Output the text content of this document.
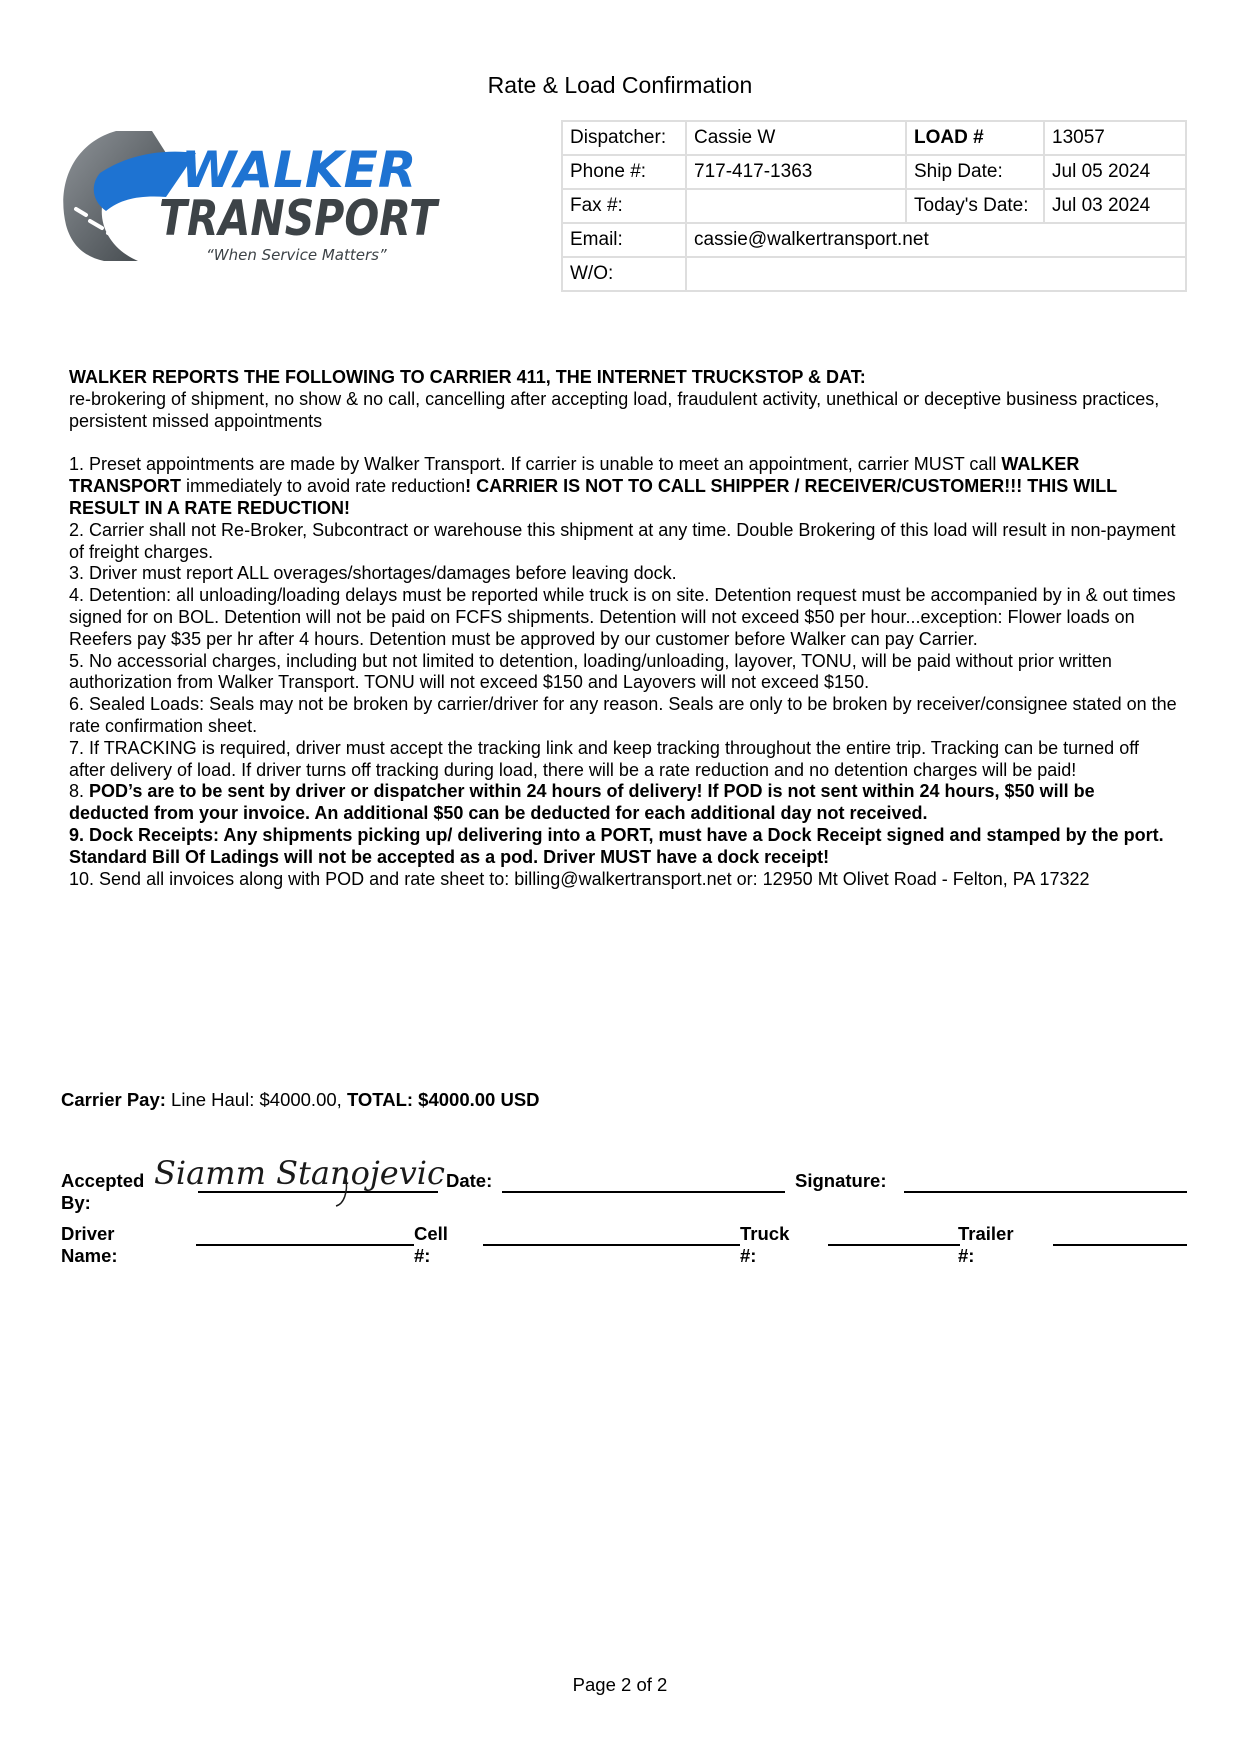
Rate & Load Confirmation
WALKER
TRANSPORT
“When Service Matters”
Dispatcher:	Cassie W	LOAD #	13057
Phone #:	717-417-1363	Ship Date:	Jul 05 2024
Fax #:		Today's Date:	Jul 03 2024
Email:	cassie@walkertransport.net		
W/O:			

WALKER REPORTS THE FOLLOWING TO CARRIER 411, THE INTERNET TRUCKSTOP & DAT:

re-brokering of shipment, no show & no call, cancelling after accepting load, fraudulent activity, unethical or deceptive business practices, persistent missed appointments

1. Preset appointments are made by Walker Transport. If carrier is unable to meet an appointment, carrier MUST call WALKER TRANSPORT immediately to avoid rate reduction! CARRIER IS NOT TO CALL SHIPPER / RECEIVER/CUSTOMER!!! THIS WILL RESULT IN A RATE REDUCTION!

2. Carrier shall not Re-Broker, Subcontract or warehouse this shipment at any time. Double Brokering of this load will result in non-payment of freight charges.

3. Driver must report ALL overages/shortages/damages before leaving dock.

4. Detention: all unloading/loading delays must be reported while truck is on site. Detention request must be accompanied by in & out times signed for on BOL. Detention will not be paid on FCFS shipments. Detention will not exceed $50 per hour...exception: Flower loads on Reefers pay $35 per hr after 4 hours. Detention must be approved by our customer before Walker can pay Carrier.

5. No accessorial charges, including but not limited to detention, loading/unloading, layover, TONU, will be paid without prior written authorization from Walker Transport. TONU will not exceed $150 and Layovers will not exceed $150.

6. Sealed Loads: Seals may not be broken by carrier/driver for any reason. Seals are only to be broken by receiver/consignee stated on the rate confirmation sheet.

7. If TRACKING is required, driver must accept the tracking link and keep tracking throughout the entire trip. Tracking can be turned off after delivery of load. If driver turns off tracking during load, there will be a rate reduction and no detention charges will be paid!

8. POD’s are to be sent by driver or dispatcher within 24 hours of delivery! If POD is not sent within 24 hours, $50 will be deducted from your invoice. An additional $50 can be deducted for each additional day not received.

9. Dock Receipts: Any shipments picking up/ delivering into a PORT, must have a Dock Receipt signed and stamped by the port. Standard Bill Of Ladings will not be accepted as a pod. Driver MUST have a dock receipt!

10. Send all invoices along with POD and rate sheet to: billing@walkertransport.net or: 12950 Mt Olivet Road - Felton, PA 17322

Carrier Pay: Line Haul: $4000.00, TOTAL: $4000.00 USD
Accepted By:
Date:	Signature:
Siamm Stanojevic
Driver Name:
Cell #:
Truck #:
Trailer #:
Page 2 of 2
